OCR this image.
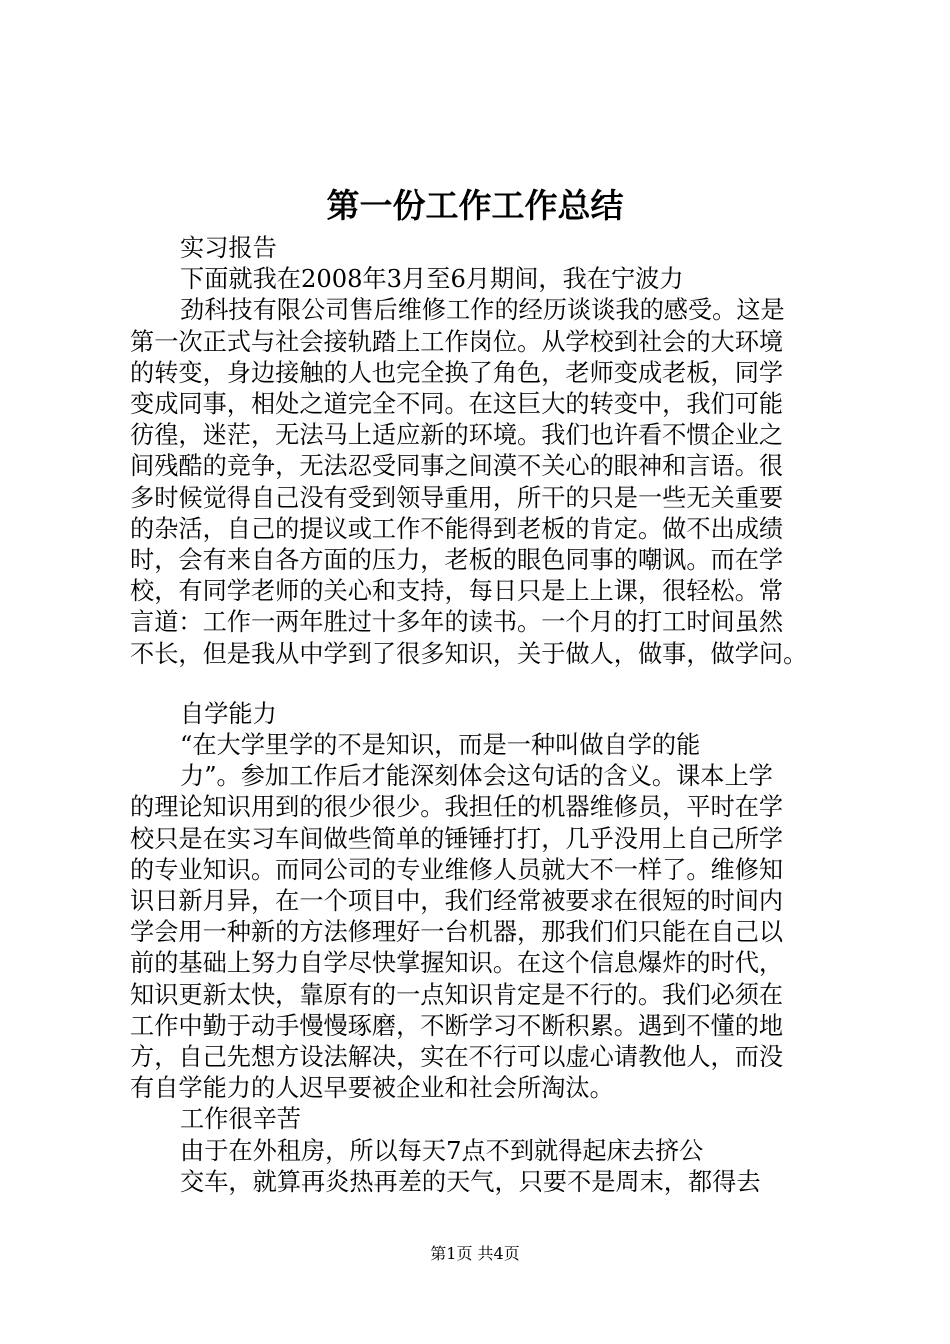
第一份工作工作总结

实习报告

下面就我在2008年3月至6月期间，我在宁波力

劲科技有限公司售后维修工作的经历谈谈我的感受。这是

第一次正式与社会接轨踏上工作岗位。从学校到社会的大环境

的转变，身边接触的人也完全换了角色，老师变成老板，同学

变成同事，相处之道完全不同。在这巨大的转变中，我们可能

彷徨，迷茫，无法马上适应新的环境。我们也许看不惯企业之

间残酷的竞争，无法忍受同事之间漠不关心的眼神和言语。很

多时候觉得自己没有受到领导重用，所干的只是一些无关重要

的杂活，自己的提议或工作不能得到老板的肯定。做不出成绩

时，会有来自各方面的压力，老板的眼色同事的嘲讽。而在学

校，有同学老师的关心和支持，每日只是上上课，很轻松。常

言道：工作一两年胜过十多年的读书。一个月的打工时间虽然

不长，但是我从中学到了很多知识，关于做人，做事，做学问。

自学能力

“在大学里学的不是知识，而是一种叫做自学的能

力”。参加工作后才能深刻体会这句话的含义。课本上学

的理论知识用到的很少很少。我担任的机器维修员，平时在学

校只是在实习车间做些简单的锤锤打打，几乎没用上自己所学

的专业知识。而同公司的专业维修人员就大不一样了。维修知

识日新月异，在一个项目中，我们经常被要求在很短的时间内

学会用一种新的方法修理好一台机器，那我们们只能在自己以

前的基础上努力自学尽快掌握知识。在这个信息爆炸的时代，

知识更新太快，靠原有的一点知识肯定是不行的。我们必须在

工作中勤于动手慢慢琢磨，不断学习不断积累。遇到不懂的地

方，自己先想方设法解决，实在不行可以虚心请教他人，而没

有自学能力的人迟早要被企业和社会所淘汰。

工作很辛苦

由于在外租房，所以每天7点不到就得起床去挤公

交车，就算再炎热再差的天气，只要不是周末，都得去

第1页 共4页
